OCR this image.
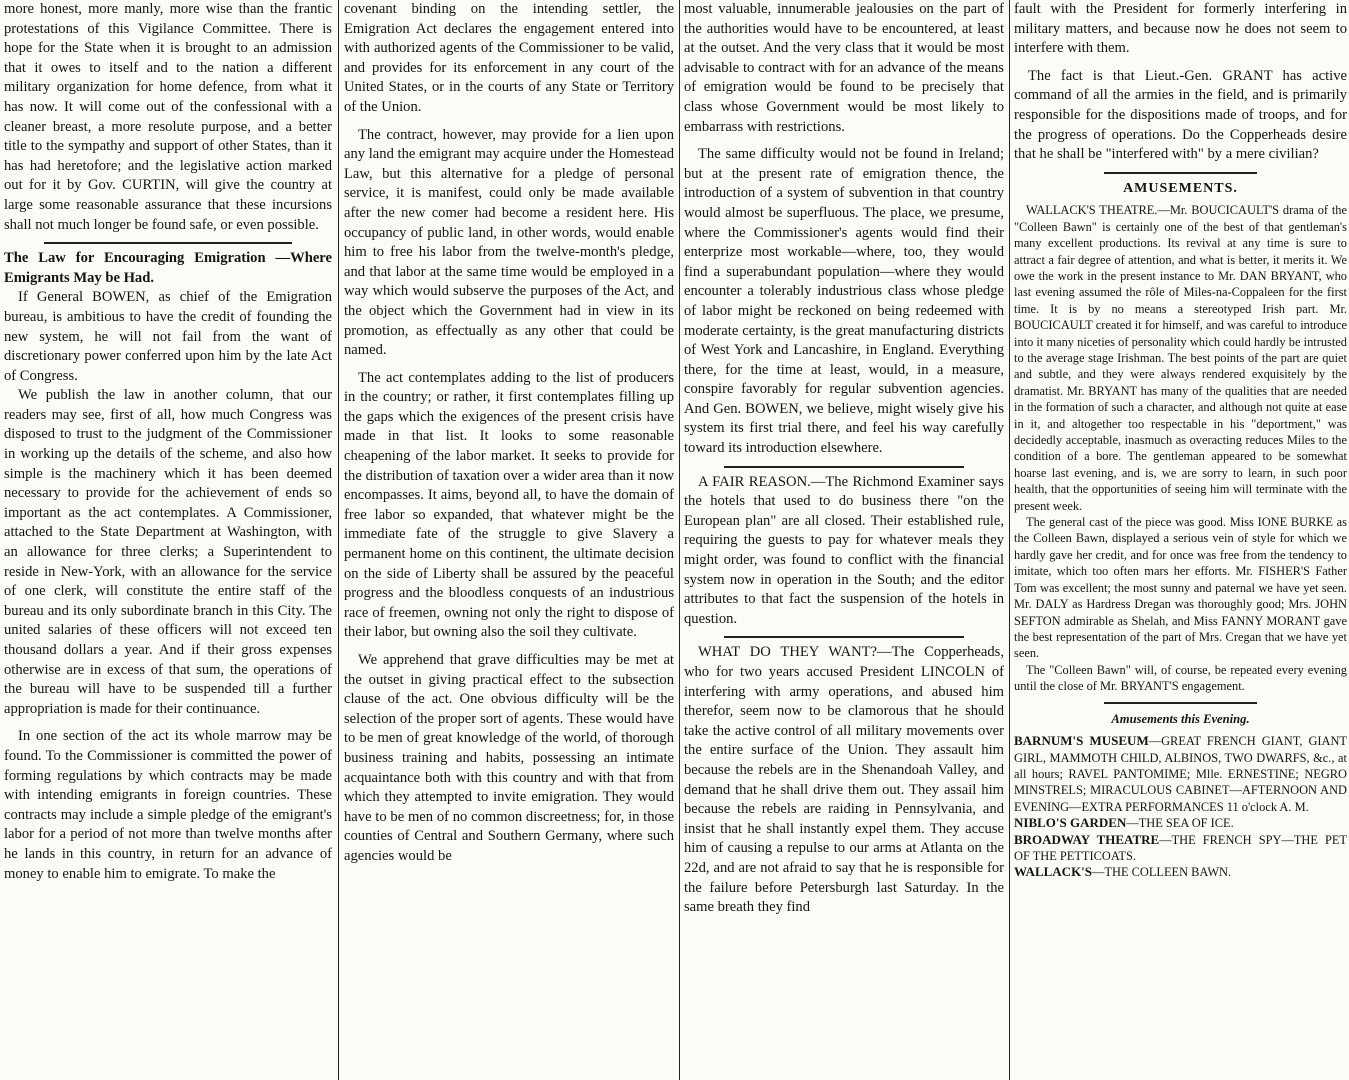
more honest, more manly, more wise than the frantic protestations of this Vigilance Committee. There is hope for the State when it is brought to an admission that it owes to itself and to the nation a different military organization for home defence, from what it has now. It will come out of the confessional with a cleaner breast, a more resolute purpose, and a better title to the sympathy and support of other States, than it has had heretofore; and the legislative action marked out for it by Gov. CURTIN, will give the country at large some reasonable assurance that these incursions shall not much longer be found safe, or even possible.

The Law for Encouraging Emigration —Where Emigrants May be Had.

If General BOWEN, as chief of the Emigration bureau, is ambitious to have the credit of founding the new system, he will not fail from the want of discretionary power conferred upon him by the late Act of Congress.

We publish the law in another column, that our readers may see, first of all, how much Congress was disposed to trust to the judgment of the Commissioner in working up the details of the scheme, and also how simple is the machinery which it has been deemed necessary to provide for the achievement of ends so important as the act contemplates. A Commissioner, attached to the State Department at Washington, with an allowance for three clerks; a Superintendent to reside in New-York, with an allowance for the service of one clerk, will constitute the entire staff of the bureau and its only subordinate branch in this City. The united salaries of these officers will not exceed ten thousand dollars a year. And if their gross expenses otherwise are in excess of that sum, the operations of the bureau will have to be suspended till a further appropriation is made for their continuance.

In one section of the act its whole marrow may be found. To the Commissioner is committed the power of forming regulations by which contracts may be made with intending emigrants in foreign countries. These contracts may include a simple pledge of the emigrant's labor for a period of not more than twelve months after he lands in this country, in return for an advance of money to enable him to emigrate. To make the

covenant binding on the intending settler, the Emigration Act declares the engagement entered into with authorized agents of the Commissioner to be valid, and provides for its enforcement in any court of the United States, or in the courts of any State or Territory of the Union.

The contract, however, may provide for a lien upon any land the emigrant may acquire under the Homestead Law, but this alternative for a pledge of personal service, it is manifest, could only be made available after the new comer had become a resident here. His occupancy of public land, in other words, would enable him to free his labor from the twelve-month's pledge, and that labor at the same time would be employed in a way which would subserve the purposes of the Act, and the object which the Government had in view in its promotion, as effectually as any other that could be named.

The act contemplates adding to the list of producers in the country; or rather, it first contemplates filling up the gaps which the exigences of the present crisis have made in that list. It looks to some reasonable cheapening of the labor market. It seeks to provide for the distribution of taxation over a wider area than it now encompasses. It aims, beyond all, to have the domain of free labor so expanded, that whatever might be the immediate fate of the struggle to give Slavery a permanent home on this continent, the ultimate decision on the side of Liberty shall be assured by the peaceful progress and the bloodless conquests of an industrious race of freemen, owning not only the right to dispose of their labor, but owning also the soil they cultivate.

We apprehend that grave difficulties may be met at the outset in giving practical effect to the subsection clause of the act. One obvious difficulty will be the selection of the proper sort of agents. These would have to be men of great knowledge of the world, of thorough business training and habits, possessing an intimate acquaintance both with this country and with that from which they attempted to invite emigration. They would have to be men of no common discreetness; for, in those counties of Central and Southern Germany, where such agencies would be

most valuable, innumerable jealousies on the part of the authorities would have to be encountered, at least at the outset. And the very class that it would be most advisable to contract with for an advance of the means of emigration would be found to be precisely that class whose Government would be most likely to embarrass with restrictions.

The same difficulty would not be found in Ireland; but at the present rate of emigration thence, the introduction of a system of subvention in that country would almost be superfluous. The place, we presume, where the Commissioner's agents would find their enterprize most workable—where, too, they would find a superabundant population—where they would encounter a tolerably industrious class whose pledge of labor might be reckoned on being redeemed with moderate certainty, is the great manufacturing districts of West York and Lancashire, in England. Everything there, for the time at least, would, in a measure, conspire favorably for regular subvention agencies. And Gen. BOWEN, we believe, might wisely give his system its first trial there, and feel his way carefully toward its introduction elsewhere.

A FAIR REASON.—The Richmond Examiner says the hotels that used to do business there "on the European plan" are all closed. Their established rule, requiring the guests to pay for whatever meals they might order, was found to conflict with the financial system now in operation in the South; and the editor attributes to that fact the suspension of the hotels in question.

WHAT DO THEY WANT?—The Copperheads, who for two years accused President LINCOLN of interfering with army operations, and abused him therefor, seem now to be clamorous that he should take the active control of all military movements over the entire surface of the Union. They assault him because the rebels are in the Shenandoah Valley, and demand that he shall drive them out. They assail him because the rebels are raiding in Pennsylvania, and insist that he shall instantly expel them. They accuse him of causing a repulse to our arms at Atlanta on the 22d, and are not afraid to say that he is responsible for the failure before Petersburgh last Saturday. In the same breath they find

fault with the President for formerly interfering in military matters, and because now he does not seem to interfere with them.

The fact is that Lieut.-Gen. GRANT has active command of all the armies in the field, and is primarily responsible for the dispositions made of troops, and for the progress of operations. Do the Copperheads desire that he shall be "interfered with" by a mere civilian?

AMUSEMENTS.

WALLACK'S THEATRE.—Mr. BOUCICAULT'S drama of the "Colleen Bawn" is certainly one of the best of that gentleman's many excellent productions. Its revival at any time is sure to attract a fair degree of attention, and what is better, it merits it. We owe the work in the present instance to Mr. DAN BRYANT, who last evening assumed the rôle of Miles-na-Coppaleen for the first time. It is by no means a stereotyped Irish part. Mr. BOUCICAULT created it for himself, and was careful to introduce into it many niceties of personality which could hardly be intrusted to the average stage Irishman. The best points of the part are quiet and subtle, and they were always rendered exquisitely by the dramatist. Mr. BRYANT has many of the qualities that are needed in the formation of such a character, and although not quite at ease in it, and altogether too respectable in his "deportment," was decidedly acceptable, inasmuch as overacting reduces Miles to the condition of a bore. The gentleman appeared to be somewhat hoarse last evening, and is, we are sorry to learn, in such poor health, that the opportunities of seeing him will terminate with the present week.

The general cast of the piece was good. Miss IONE BURKE as the Colleen Bawn, displayed a serious vein of style for which we hardly gave her credit, and for once was free from the tendency to imitate, which too often mars her efforts. Mr. FISHER'S Father Tom was excellent; the most sunny and paternal we have yet seen. Mr. DALY as Hardress Dregan was thoroughly good; Mrs. JOHN SEFTON admirable as Shelah, and Miss FANNY MORANT gave the best representation of the part of Mrs. Cregan that we have yet seen.

The "Colleen Bawn" will, of course, be repeated every evening until the close of Mr. BRYANT'S engagement.

Amusements this Evening.

BARNUM'S MUSEUM—GREAT FRENCH GIANT, GIANT GIRL, MAMMOTH CHILD, ALBINOS, TWO DWARFS, &c., at all hours; RAVEL PANTOMIME; Mlle. ERNESTINE; NEGRO MINSTRELS; MIRACULOUS CABINET—AFTERNOON AND EVENING—EXTRA PERFORMANCES 11 o'clock A. M.

NIBLO'S GARDEN—THE SEA OF ICE.

BROADWAY THEATRE—THE FRENCH SPY—THE PET OF THE PETTICOATS.

WALLACK'S—THE COLLEEN BAWN.
